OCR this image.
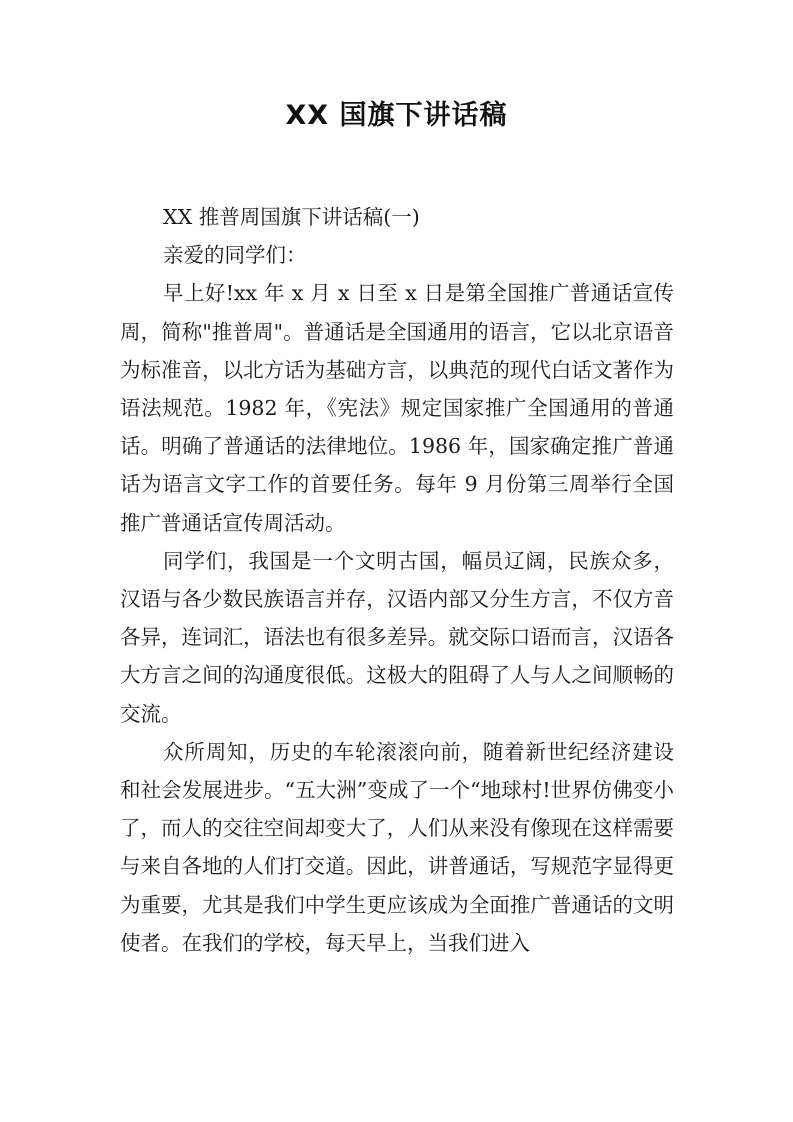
XX 国旗下讲话稿

XX 推普周国旗下讲话稿(一)

亲爱的同学们：

早上好!xx 年 x 月 x 日至 x 日是第全国推广普通话宣传周，简称"推普周"。普通话是全国通用的语言，它以北京语音为标准音，以北方话为基础方言，以典范的现代白话文著作为语法规范。1982 年，《宪法》规定国家推广全国通用的普通话。明确了普通话的法律地位。1986 年，国家确定推广普通话为语言文字工作的首要任务。每年 9 月份第三周举行全国推广普通话宣传周活动。

同学们，我国是一个文明古国，幅员辽阔，民族众多，汉语与各少数民族语言并存，汉语内部又分生方言，不仅方音各异，连词汇，语法也有很多差异。就交际口语而言，汉语各大方言之间的沟通度很低。这极大的阻碍了人与人之间顺畅的交流。

众所周知，历史的车轮滚滚向前，随着新世纪经济建设和社会发展进步。“五大洲”变成了一个“地球村!世界仿佛变小了，而人的交往空间却变大了，人们从来没有像现在这样需要与来自各地的人们打交道。因此，讲普通话，写规范字显得更为重要，尤其是我们中学生更应该成为全面推广普通话的文明使者。在我们的学校，每天早上，当我们进入
